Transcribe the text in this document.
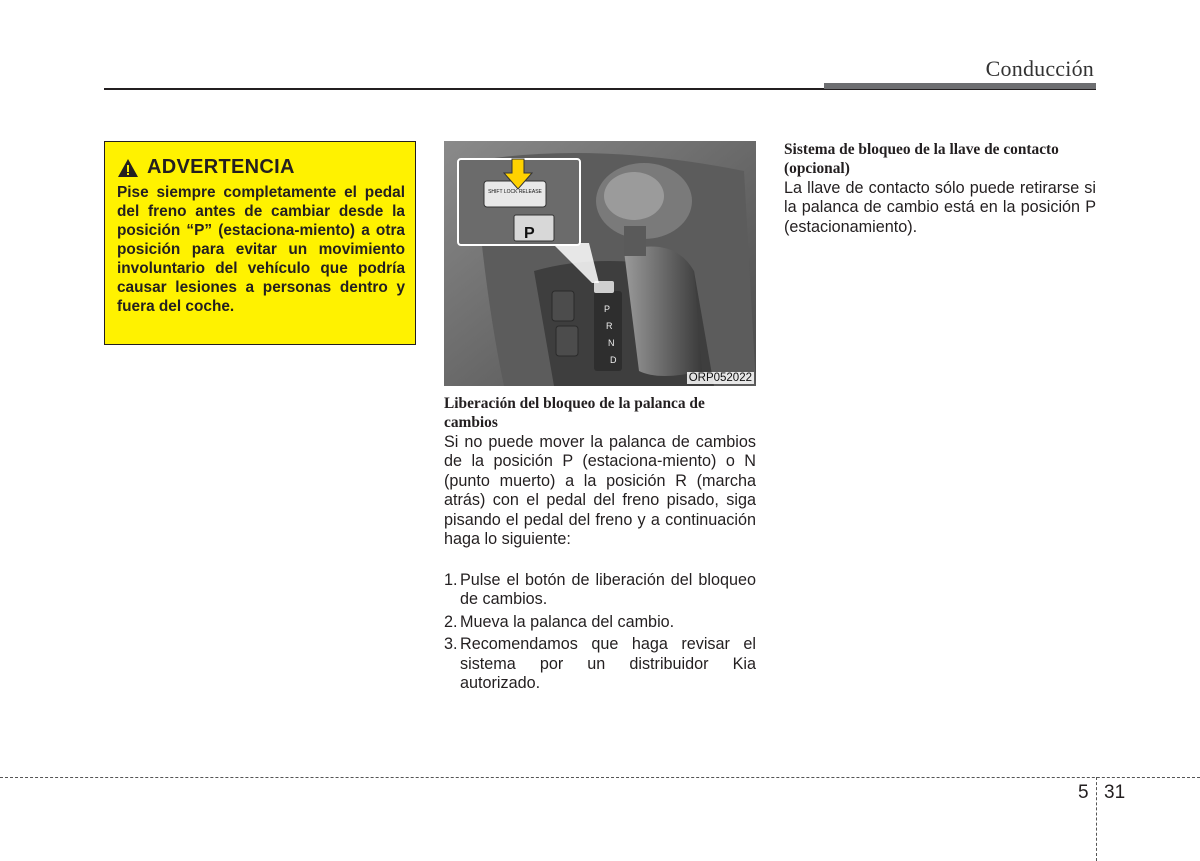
Conducción
ADVERTENCIA
Pise siempre completamente el pedal del freno antes de cambiar desde la posición “P” (estaciona-miento) a otra posición para evitar un movimiento involuntario del vehículo que podría causar lesiones a personas dentro y fuera del coche.
SHIFT LOCK RELEASE
P
P
R
N
D
ORP052022
Liberación del bloqueo de la palanca de cambios
Si no puede mover la palanca de cambios de la posición P (estaciona-miento) o N (punto muerto) a la posición R (marcha atrás) con el pedal del freno pisado, siga pisando el pedal del freno y a continuación haga lo siguiente:
1. Pulse el botón de liberación del bloqueo de cambios.
2. Mueva la palanca del cambio.
3. Recomendamos que haga revisar el sistema por un distribuidor Kia autorizado.
Sistema de bloqueo de la llave de contacto (opcional)
La llave de contacto sólo puede retirarse si la palanca de cambio está en la posición P (estacionamiento).
5 31
